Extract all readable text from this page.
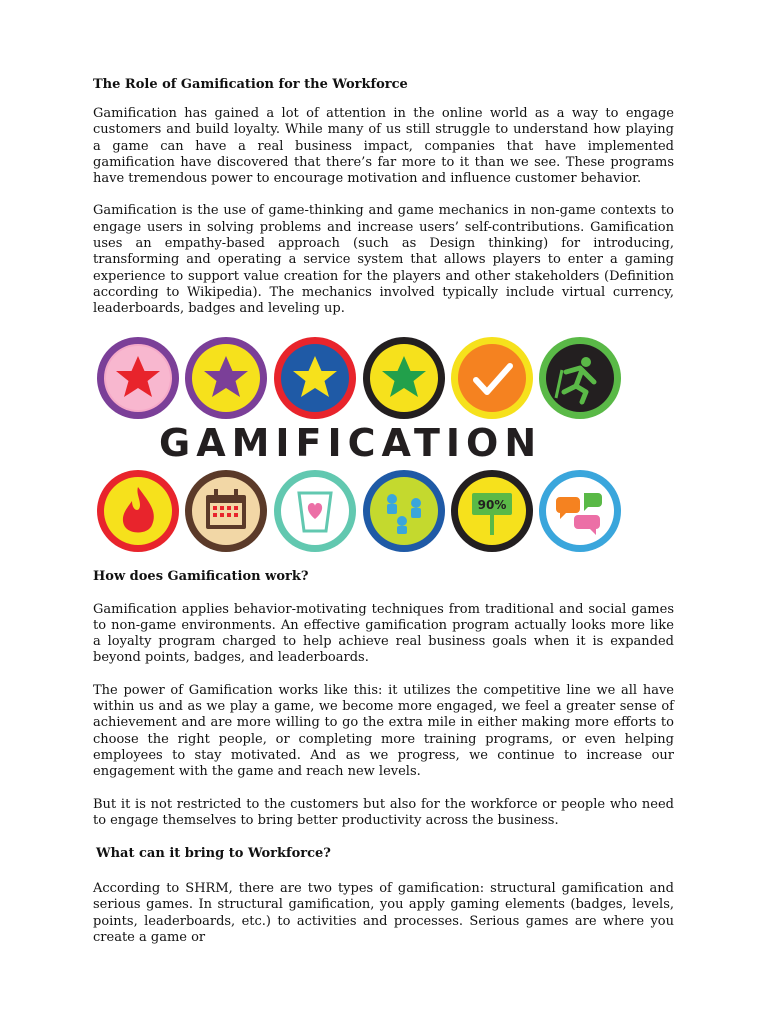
The Role of Gamification for the Workforce

Gamification has gained a lot of attention in the online world as a way to engage customers and build loyalty. While many of us still struggle to understand how playing a game can have a real business impact, companies that have implemented gamification have discovered that there’s far more to it than we see. These programs have tremendous power to encourage motivation and influence customer behavior.

Gamification is the use of game-thinking and game mechanics in non-game contexts to engage users in solving problems and increase users’ self-contributions. Gamification uses an empathy-based approach (such as Design thinking) for introducing, transforming and operating a service system that allows players to enter a gaming experience to support value creation for the players and other stakeholders (Definition according to Wikipedia). The mechanics involved typically include virtual currency, leaderboards, badges and leveling up.

GAMIFICATION
90%
How does Gamification work?

Gamification applies behavior-motivating techniques from traditional and social games to non-game environments. An effective gamification program actually looks more like a loyalty program charged to help achieve real business goals when it is expanded beyond points, badges, and leaderboards.

The power of Gamification works like this: it utilizes the competitive line we all have within us and as we play a game, we become more engaged, we feel a greater sense of achievement and are more willing to go the extra mile in either making more efforts to choose the right people, or completing more training programs, or even helping employees to stay motivated. And as we progress, we continue to increase our engagement with the game and reach new levels.

But it is not restricted to the customers but also for the workforce or people who need to engage themselves to bring better productivity across the business.

What can it bring to Workforce?

According to SHRM, there are two types of gamification: structural gamification and serious games. In structural gamification, you apply gaming elements (badges, levels, points, leaderboards, etc.) to activities and processes. Serious games are where you create a game or
